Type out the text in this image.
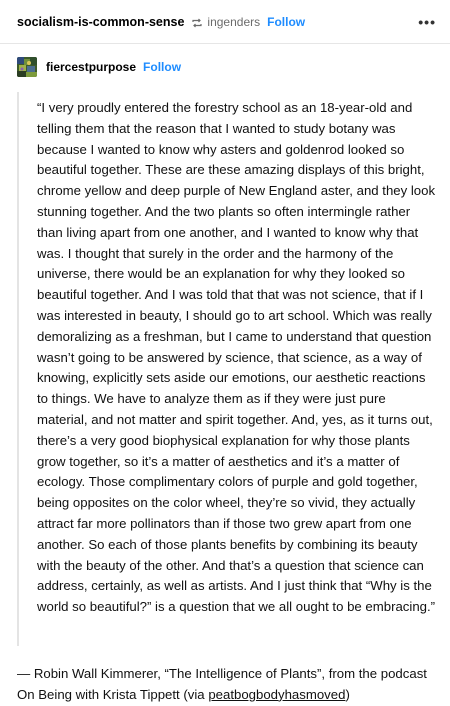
socialism-is-common-sense ingenders Follow	•••
fiercestpurpose Follow

“I very proudly entered the forestry school as an 18-year-old and telling them that the reason that I wanted to study botany was because I wanted to know why asters and goldenrod looked so beautiful together. These are these amazing displays of this bright, chrome yellow and deep purple of New England aster, and they look stunning together. And the two plants so often intermingle rather than living apart from one another, and I wanted to know why that was. I thought that surely in the order and the harmony of the universe, there would be an explanation for why they looked so beautiful together. And I was told that that was not science, that if I was interested in beauty, I should go to art school. Which was really demoralizing as a freshman, but I came to understand that question wasn’t going to be answered by science, that science, as a way of knowing, explicitly sets aside our emotions, our aesthetic reactions to things. We have to analyze them as if they were just pure material, and not matter and spirit together. And, yes, as it turns out, there’s a very good biophysical explanation for why those plants grow together, so it’s a matter of aesthetics and it’s a matter of ecology. Those complimentary colors of purple and gold together, being opposites on the color wheel, they’re so vivid, they actually attract far more pollinators than if those two grew apart from one another. So each of those plants benefits by combining its beauty with the beauty of the other. And that’s a question that science can address, certainly, as well as artists. And I just think that “Why is the world so beautiful?” is a question that we all ought to be embracing.”

— Robin Wall Kimmerer, “The Intelligence of Plants”, from the podcast On Being with Krista Tippett (via peatbogbodyhasmoved)
